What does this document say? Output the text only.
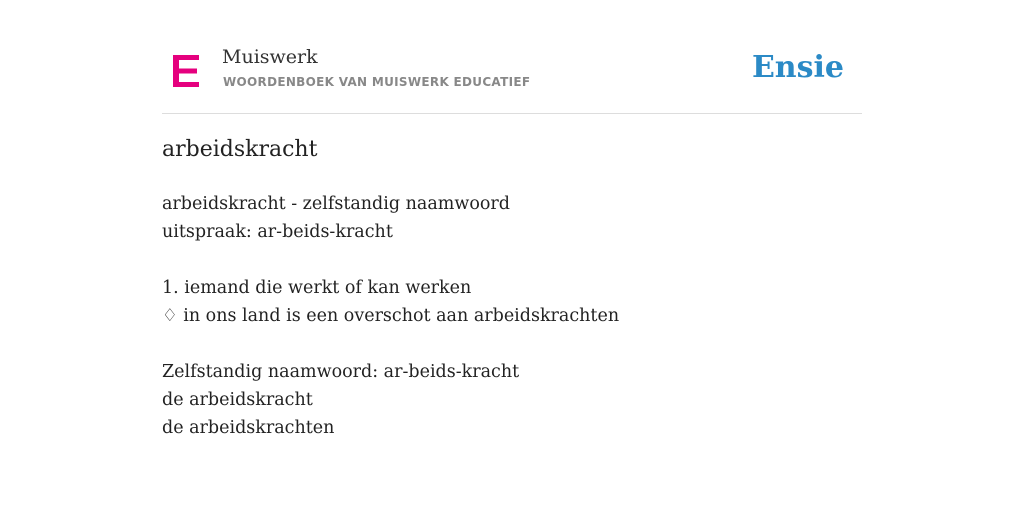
Muiswerk
WOORDENBOEK VAN MUISWERK EDUCATIEF	Ensie
arbeidskracht
arbeidskracht - zelfstandig naamwoord
uitspraak: ar-beids-kracht
1. iemand die werkt of kan werken
♢ in ons land is een overschot aan arbeidskrachten
Zelfstandig naamwoord: ar-beids-kracht
de arbeidskracht
de arbeidskrachten
